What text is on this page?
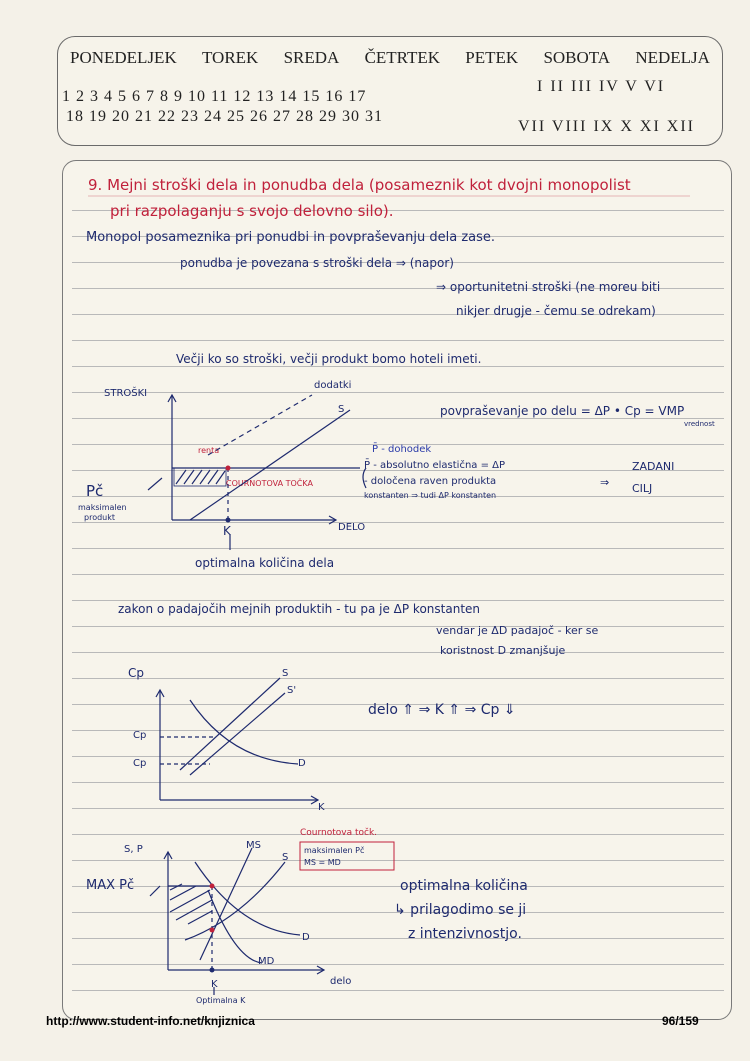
PONEDELJEK TOREK SREDA ČETRTEK PETEK SOBOTA NEDELJA
1 2 3 4 5 6 7 8 9 10 11 12 13 14 15 16 17
18 19 20 21 22 23 24 25 26 27 28 29 30 31
I II III IV V VI
VII VIII IX X XI XII
9. Mejni stroški dela in ponudba dela (posameznik kot dvojni monopolist
pri razpolaganju s svojo delovno silo).
Monopol posameznika pri ponudbi in povpraševanju dela zase.
ponudba je povezana s stroški dela ⇒ (napor)
⇒ oportunitetni stroški (ne moreu biti
nikjer drugje - čemu se odrekam)
Večji ko so stroški, večji produkt bomo hoteli imeti.
STROŠKI
dodatki
S
P̄ - dohodek
P̄ - absolutno elastična = ΔP
- določena raven produkta
konstanten ⇒ tudi ΔP konstanten
COURNOTOVA TOČKA
renta
Pč
maksimalen
produkt
K	DELO
optimalna količina dela
⇒
ZADANI
CILJ
povpraševanje po delu = ΔP • Cp = VMP
vrednost
zakon o padajočih mejnih produktih - tu pa je ΔP konstanten
vendar je ΔD padajoč - ker se
koristnost D zmanjšuje
Cp	S
S'
D
Cp
Cp
K
delo ⇑ ⇒ K ⇑ ⇒ Cp ⇓
S, P	MS
S
D
MD
MAX Pč
K	delo
Optimalna K
Cournotova točk.
maksimalen Pč
MS = MD
optimalna količina
↳ prilagodimo se ji
z intenzivnostjo.
http://www.student-info.net/knjiznica	96/159
